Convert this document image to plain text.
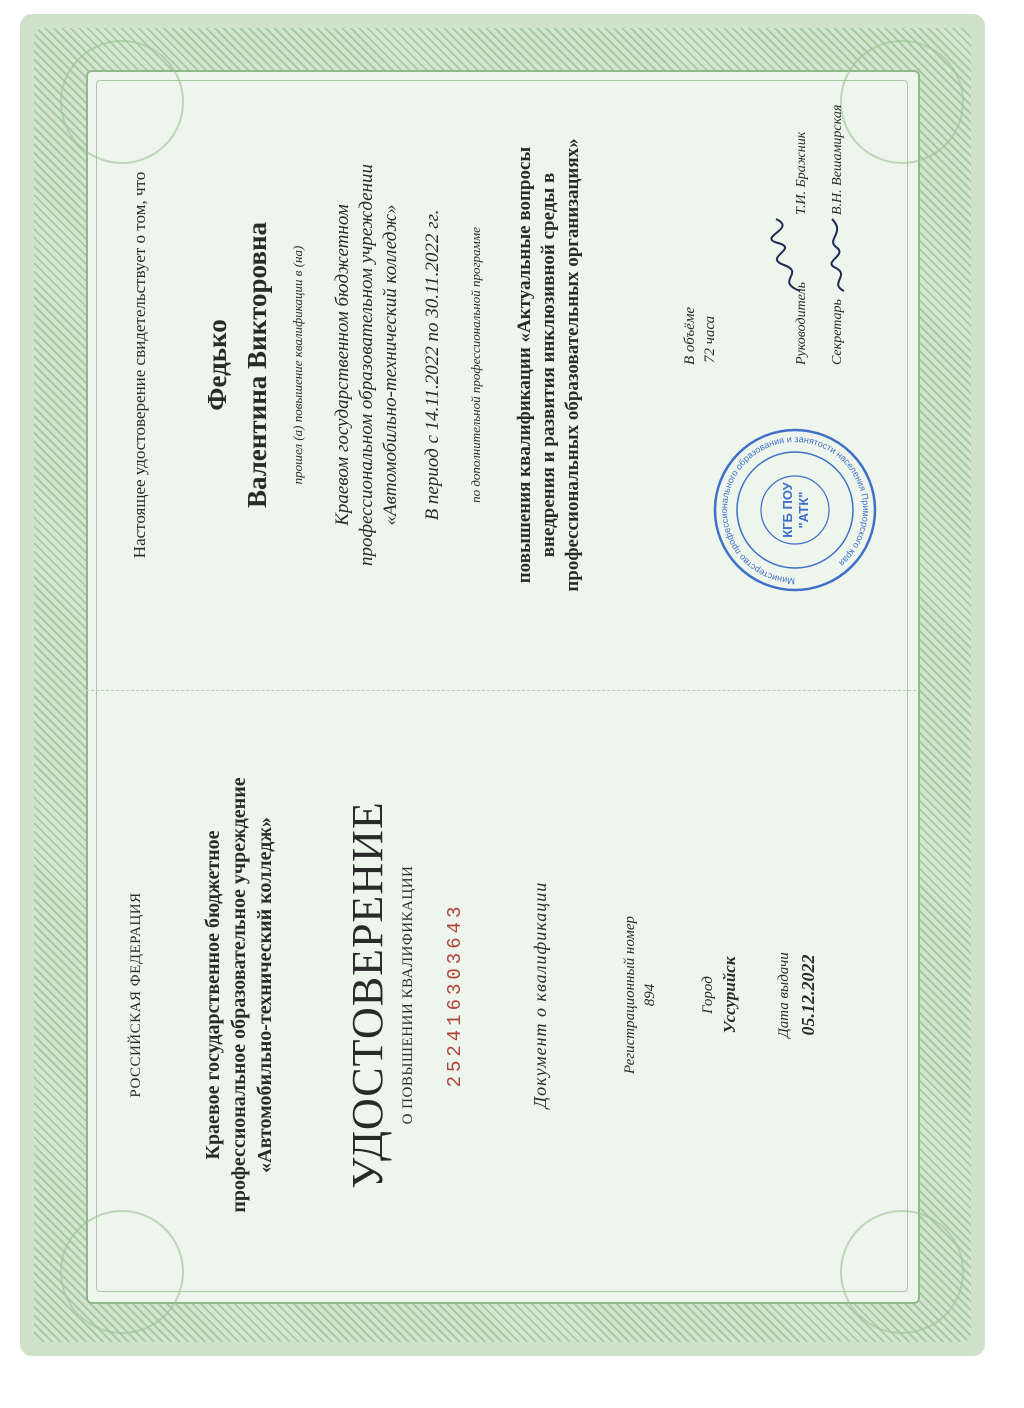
Настоящее удостоверение свидетельствует о том, что Федько Валентина Викторовна прошел (а) повышение квалификации в (на) Краевом государственном бюджетном профессиональном образовательном учреждении «Автомобильно-технический колледж» В период с 14.11.2022 по 30.11.2022 гг. по дополнительной профессиональной программе повышения квалификации «Актуальные вопросы внедрения и развития инклюзивной среды в профессиональных образовательных организациях»	В объёме 72 часа
Министерство профессионального образования и занятости населения Приморского края
КГБ ПОУ "АТК"
Руководитель Секретарь
Т.И. Бражник В.Н. Вешамирская
РОССИЙСКАЯ ФЕДЕРАЦИЯ	Краевое государственное бюджетное профессиональное образовательное учреждение «Автомобильно-технический колледж» УДОСТОВЕРЕНИЕ О ПОВЫШЕНИИ КВАЛИФИКАЦИИ 252416303643	Документ о квалификации	Регистрационный номер 894	Город Уссурийск Дата выдачи 05.12.2022
